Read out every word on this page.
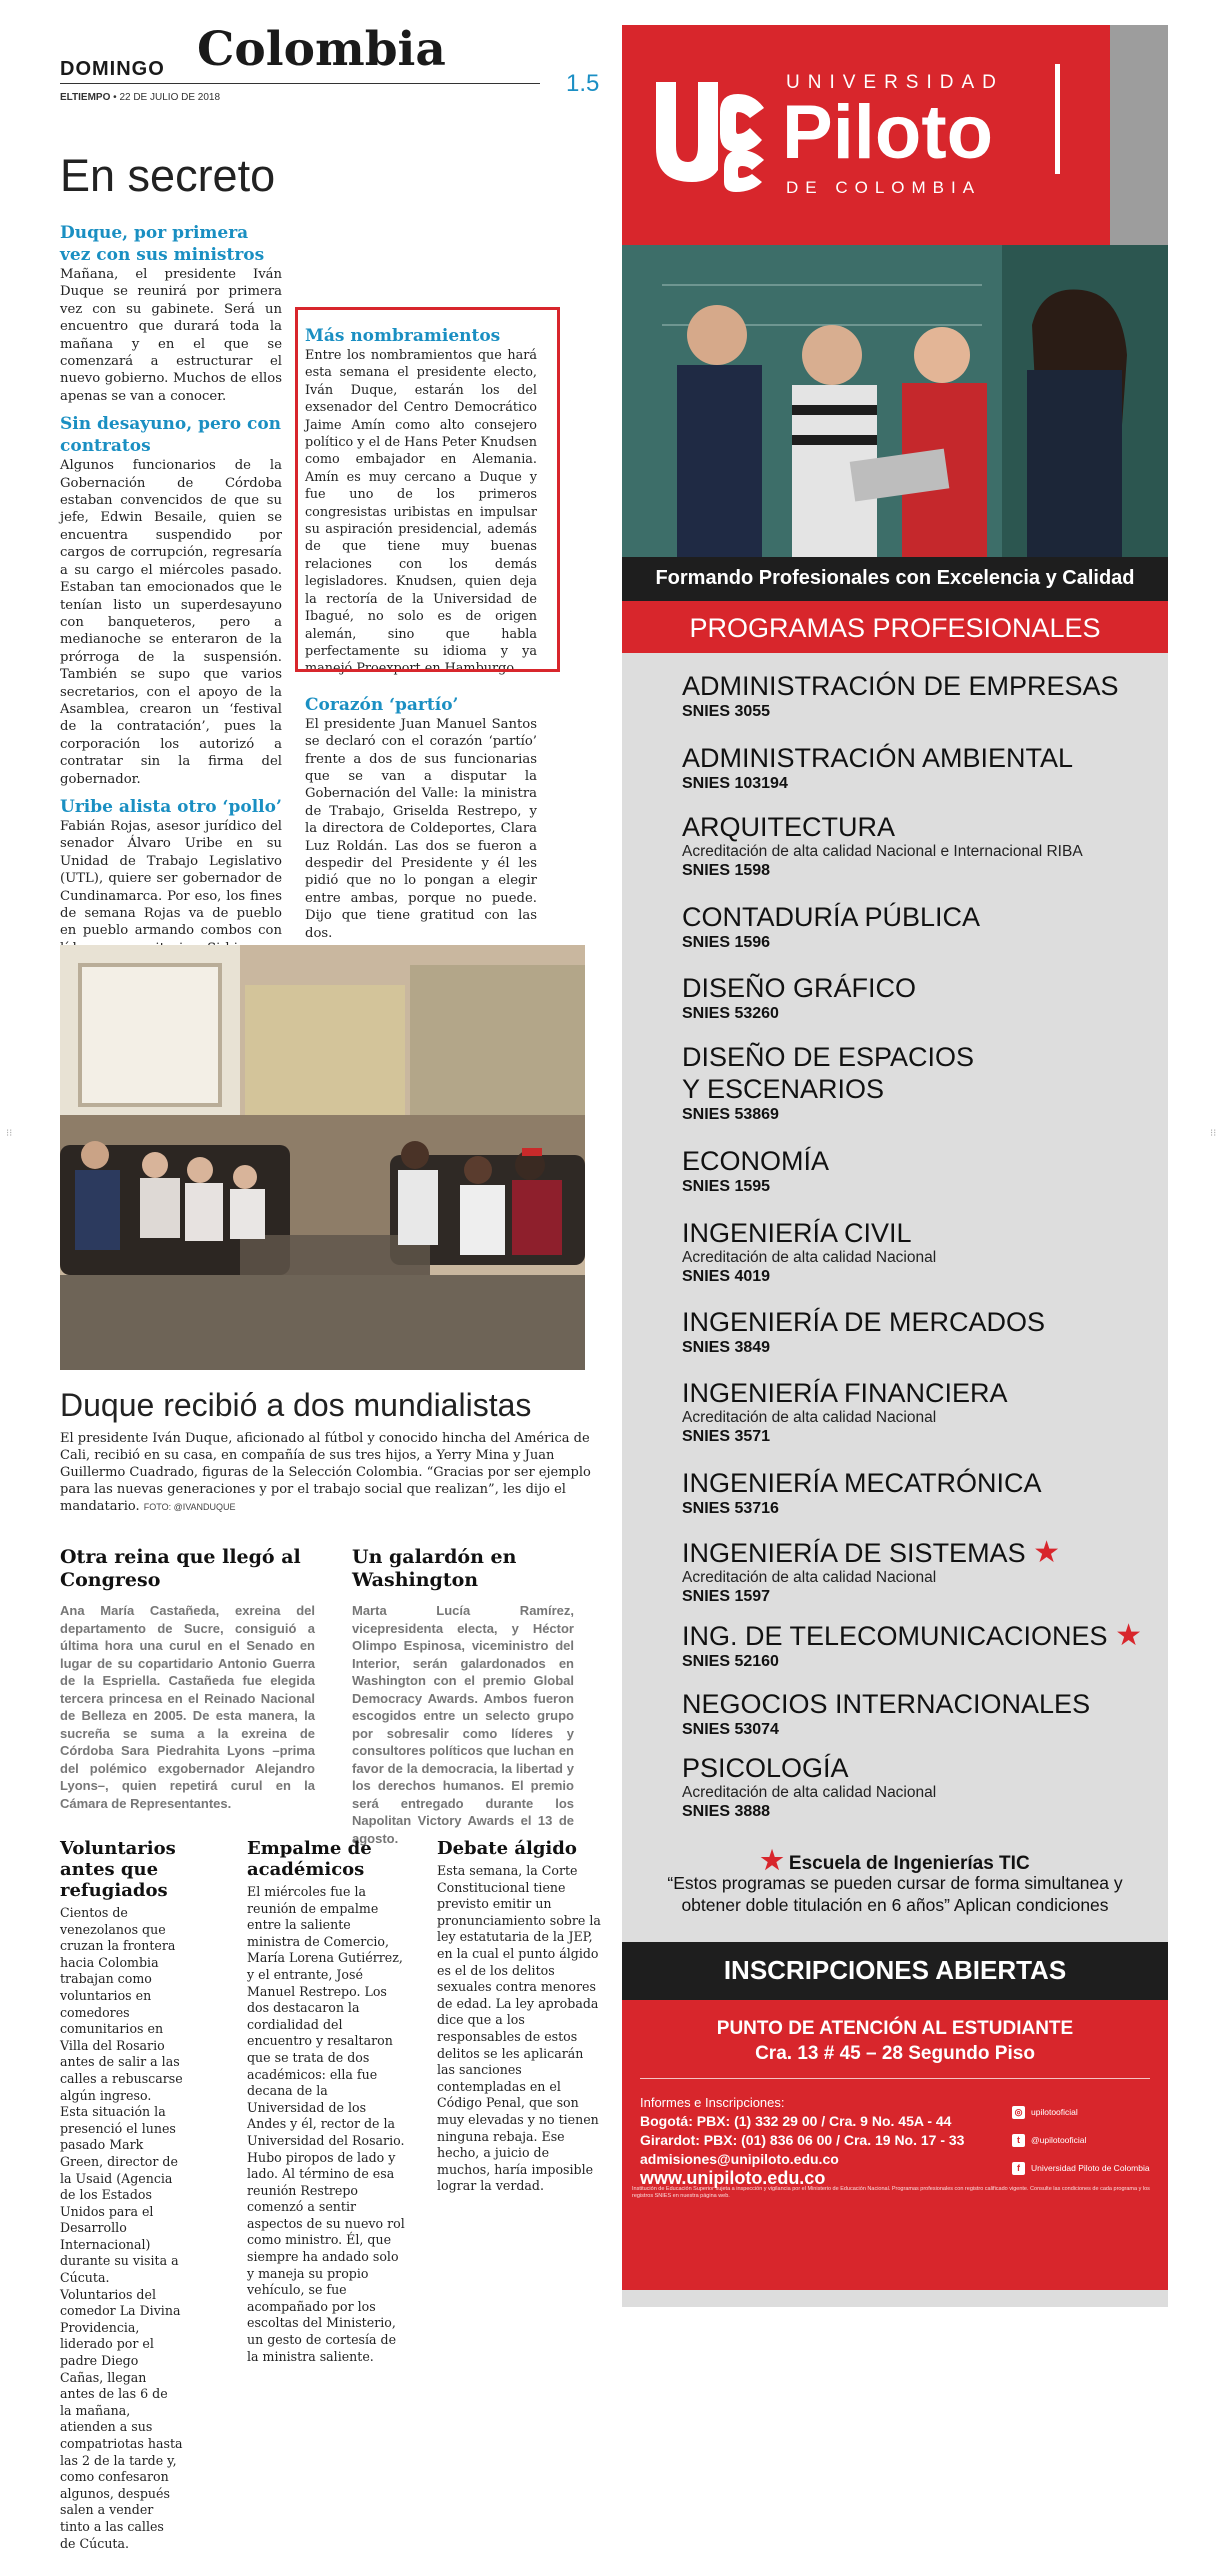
DOMINGO Colombia
ELTIEMPO • 22 DE JULIO DE 2018
1.5
En secreto
Duque, por primera vez con sus ministros
Mañana, el presidente Iván Duque se reunirá por primera vez con su gabinete. Será un encuentro que durará toda la mañana y en el que se comenzará a estructurar el nuevo gobierno. Muchos de ellos apenas se van a conocer.
Sin desayuno, pero con contratos
Algunos funcionarios de la Gobernación de Córdoba estaban convencidos de que su jefe, Edwin Besaile, quien se encuentra suspendido por cargos de corrupción, regresaría a su cargo el miércoles pasado. Estaban tan emocionados que le tenían listo un superdesayuno con banqueteros, pero a medianoche se enteraron de la prórroga de la suspensión. También se supo que varios secretarios, con el apoyo de la Asamblea, crearon un ‘festival de la contratación’, pues la corporación los autorizó a contratar sin la firma del gobernador.
Uribe alista otro ‘pollo’
Fabián Rojas, asesor jurídico del senador Álvaro Uribe en su Unidad de Trabajo Legislativo (UTL), quiere ser gobernador de Cundinamarca. Por eso, los fines de semana Rojas va de pueblo en pueblo armando combos con
Más nombramientos
Entre los nombramientos que hará esta semana el presidente electo, Iván Duque, estarán los del exsenador del Centro Democrático Jaime Amín como alto consejero político y el de Hans Peter Knudsen como embajador en Alemania. Amín es muy cercano a Duque y fue uno de los primeros congresistas uribistas en impulsar su aspiración presidencial, además de que tiene muy buenas relaciones con los demás legisladores. Knudsen, quien deja la rectoría de la Universidad de Ibagué, no solo es de origen alemán, sino que habla perfectamente su idioma y ya manejó Proexport en Hamburgo.
Corazón ‘partío’
El presidente Juan Manuel Santos se declaró con el corazón ‘partío’ frente a dos de sus funcionarias que se van a disputar la Gobernación del Valle: la ministra de Trabajo, Griselda Restrepo, y la directora de Coldeportes, Clara Luz Roldán. Las dos se fueron a despedir del Presidente y él les pidió que no lo pongan a elegir entre ambas, porque no puede. Dijo que tiene gratitud con las dos.
Duque recibió a dos mundialistas
El presidente Iván Duque, aficionado al fútbol y conocido hincha del América de Cali, recibió en su casa, en compañía de sus tres hijos, a Yerry Mina y Juan Guillermo Cuadrado, figuras de la Selección Colombia. “Gracias por ser ejemplo para las nuevas generaciones y por el trabajo social que realizan”, les dijo el mandatario. FOTO: @IVANDUQUE
Otra reina que llegó al Congreso
Ana María Castañeda, exreina del departamento de Sucre, consiguió a última hora una curul en el Senado en lugar de su copartidario Antonio Guerra de la Espriella. Castañeda fue elegida tercera princesa en el Reinado Nacional de Belleza en 2005. De esta manera, la sucreña se suma a la exreina de Córdoba Sara Piedrahita Lyons –prima del polémico exgobernador Alejandro Lyons–, quien repetirá curul en la Cámara de Representantes.
Un galardón en Washington
Marta Lucía Ramírez, vicepresidenta electa, y Héctor Olimpo Espinosa, viceministro del Interior, serán galardonados en Washington con el premio Global Democracy Awards. Ambos fueron escogidos entre un selecto grupo por sobresalir como líderes y consultores políticos que luchan en favor de la democracia, la libertad y los derechos humanos. El premio será entregado durante los Napolitan Victory Awards el 13 de agosto.
Voluntarios antes que refugiados
Cientos de venezolanos que cruzan la frontera hacia Colombia trabajan como voluntarios en comedores comunitarios en Villa del Rosario antes de salir a las calles a rebuscarse algún ingreso. Esta situación la presenció el lunes pasado Mark Green, director de la Usaid (Agencia de los Estados Unidos para el Desarrollo Internacional) durante su visita a Cúcuta. Voluntarios del comedor La Divina Providencia, liderado por el padre Diego Cañas, llegan antes de las 6 de la mañana, atienden a sus compatriotas hasta las 2 de la tarde y, como confesaron algunos, después salen a vender tinto a las calles de Cúcuta.
Empalme de académicos
El miércoles fue la reunión de empalme entre la saliente ministra de Comercio, María Lorena Gutiérrez, y el entrante, José Manuel Restrepo. Los dos destacaron la cordialidad del encuentro y resaltaron que se trata de dos académicos: ella fue decana de la Universidad de los Andes y él, rector de la Universidad del Rosario. Hubo piropos de lado y lado. Al término de esa reunión Restrepo comenzó a sentir aspectos de su nuevo rol como ministro. Él, que siempre ha andado solo y maneja su propio vehículo, se fue acompañado por los escoltas del Ministerio, un gesto de cortesía de la ministra saliente.
Debate álgido
Esta semana, la Corte Constitucional tiene previsto emitir un pronunciamiento sobre la ley estatutaria de la JEP, en la cual el punto álgido es el de los delitos sexuales contra menores de edad. La ley aprobada dice que a los responsables de estos delitos se les aplicarán las sanciones contempladas en el Código Penal, que son muy elevadas y no tienen ninguna rebaja. Ese hecho, a juicio de muchos, haría imposible lograr la verdad.
UNIVERSIDAD
Piloto
DE COLOMBIA
Formando Profesionales con Excelencia y Calidad
PROGRAMAS PROFESIONALES
ADMINISTRACIÓN DE EMPRESAS
SNIES 3055
ADMINISTRACIÓN AMBIENTAL
SNIES 103194
ARQUITECTURA
Acreditación de alta calidad Nacional e Internacional RIBA
SNIES 1598
CONTADURÍA PÚBLICA
SNIES 1596
DISEÑO GRÁFICO
SNIES 53260
DISEÑO DE ESPACIOS Y ESCENARIOS
SNIES 53869
ECONOMÍA
SNIES 1595
INGENIERÍA CIVIL
Acreditación de alta calidad Nacional
SNIES 4019
INGENIERÍA DE MERCADOS
SNIES 3849
INGENIERÍA FINANCIERA
Acreditación de alta calidad Nacional
SNIES 3571
INGENIERÍA MECATRÓNICA
SNIES 53716
INGENIERÍA DE SISTEMAS ★
Acreditación de alta calidad Nacional
SNIES 1597
ING. DE TELECOMUNICACIONES ★
SNIES 52160
NEGOCIOS INTERNACIONALES
SNIES 53074
PSICOLOGÍA
Acreditación de alta calidad Nacional
SNIES 3888
★ Escuela de Ingenierías TIC
“Estos programas se pueden cursar de forma simultanea y obtener doble titulación en 6 años” Aplican condiciones
INSCRIPCIONES ABIERTAS
PUNTO DE ATENCIÓN AL ESTUDIANTE
Cra. 13 # 45 – 28 Segundo Piso
Informes e Inscripciones:
Bogotá: PBX: (1) 332 29 00 / Cra. 9 No. 45A - 44
Girardot: PBX: (01) 836 06 00 / Cra. 19 No. 17 - 33
admisiones@unipiloto.edu.co
www.unipiloto.edu.co
◎	upilotooficial
t	@upilotooficial
f	Universidad Piloto de Colombia
Institución de Educación Superior sujeta a inspección y vigilancia por el Ministerio de Educación Nacional. Programas profesionales con registro calificado vigente. Consulte las condiciones de cada programa y los registros SNIES en nuestra página web.
⁝⁝	⁝⁝
